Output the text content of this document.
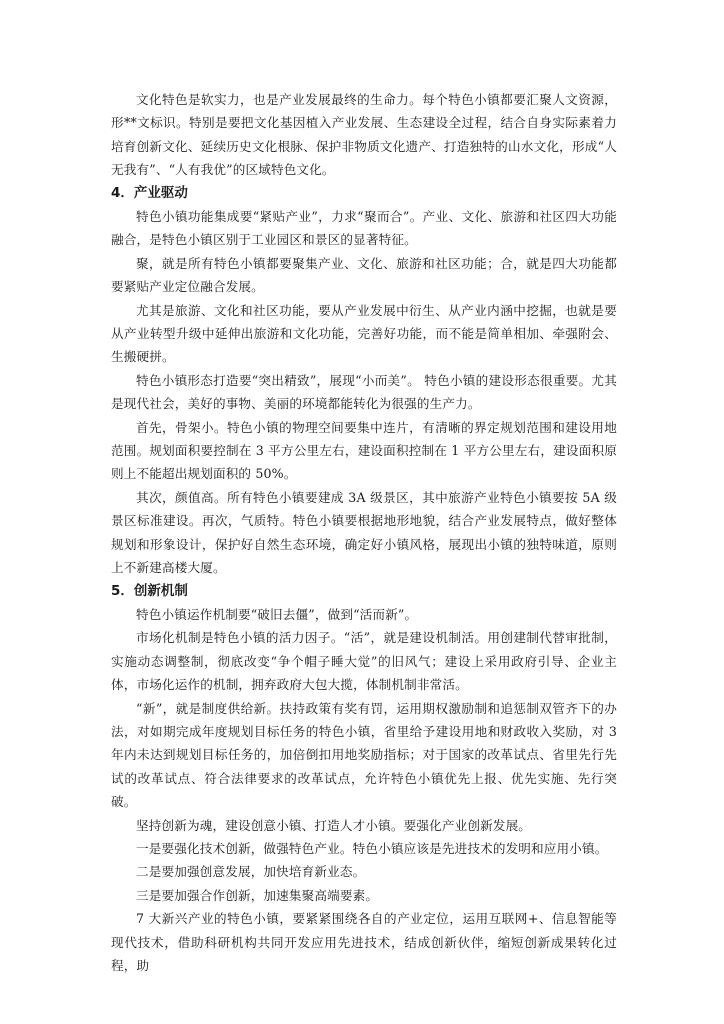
文化特色是软实力，也是产业发展最终的生命力。每个特色小镇都要汇聚人文资源，形**文标识。特别是要把文化基因植入产业发展、生态建设全过程，结合自身实际素着力培育创新文化、延续历史文化根脉、保护非物质文化遗产、打造独特的山水文化，形成“人无我有”、“人有我优”的区域特色文化。

4．产业驱动

特色小镇功能集成要“紧贴产业”，力求“聚而合”。产业、文化、旅游和社区四大功能融合，是特色小镇区别于工业园区和景区的显著特征。

聚，就是所有特色小镇都要聚集产业、文化、旅游和社区功能；合，就是四大功能都要紧贴产业定位融合发展。

尤其是旅游、文化和社区功能，要从产业发展中衍生、从产业内涵中挖掘，也就是要从产业转型升级中延伸出旅游和文化功能，完善好功能，而不能是简单相加、牵强附会、生搬硬拼。

特色小镇形态打造要“突出精致”，展现“小而美”。 特色小镇的建设形态很重要。尤其是现代社会，美好的事物、美丽的环境都能转化为很强的生产力。

首先，骨架小。特色小镇的物理空间要集中连片，有清晰的界定规划范围和建设用地范围。规划面积要控制在 3 平方公里左右，建设面积控制在 1 平方公里左右，建设面积原则上不能超出规划面积的 50%。

其次，颜值高。所有特色小镇要建成 3A 级景区，其中旅游产业特色小镇要按 5A 级景区标准建设。再次，气质特。特色小镇要根据地形地貌，结合产业发展特点，做好整体规划和形象设计，保护好自然生态环境，确定好小镇风格，展现出小镇的独特味道，原则上不新建高楼大厦。

5．创新机制

特色小镇运作机制要“破旧去僵”，做到“活而新”。

市场化机制是特色小镇的活力因子。“活”，就是建设机制活。用创建制代替审批制，实施动态调整制，彻底改变“争个帽子睡大觉”的旧风气；建设上采用政府引导、企业主体，市场化运作的机制，拥弃政府大包大揽，体制机制非常活。

“新”，就是制度供给新。扶持政策有奖有罚，运用期权激励制和追惩制双管齐下的办法，对如期完成年度规划目标任务的特色小镇，省里给予建设用地和财政收入奖励，对 3 年内未达到规划目标任务的，加倍倒扣用地奖励指标；对于国家的改革试点、省里先行先试的改革试点、符合法律要求的改革试点，允许特色小镇优先上报、优先实施、先行突破。

坚持创新为魂，建设创意小镇、打造人才小镇。要强化产业创新发展。

一是要强化技术创新，做强特色产业。特色小镇应该是先进技术的发明和应用小镇。

二是要加强创意发展，加快培育新业态。

三是要加强合作创新，加速集聚高端要素。

7 大新兴产业的特色小镇，要紧紧围绕各自的产业定位，运用互联网+、信息智能等现代技术，借助科研机构共同开发应用先进技术，结成创新伙伴，缩短创新成果转化过程，助
